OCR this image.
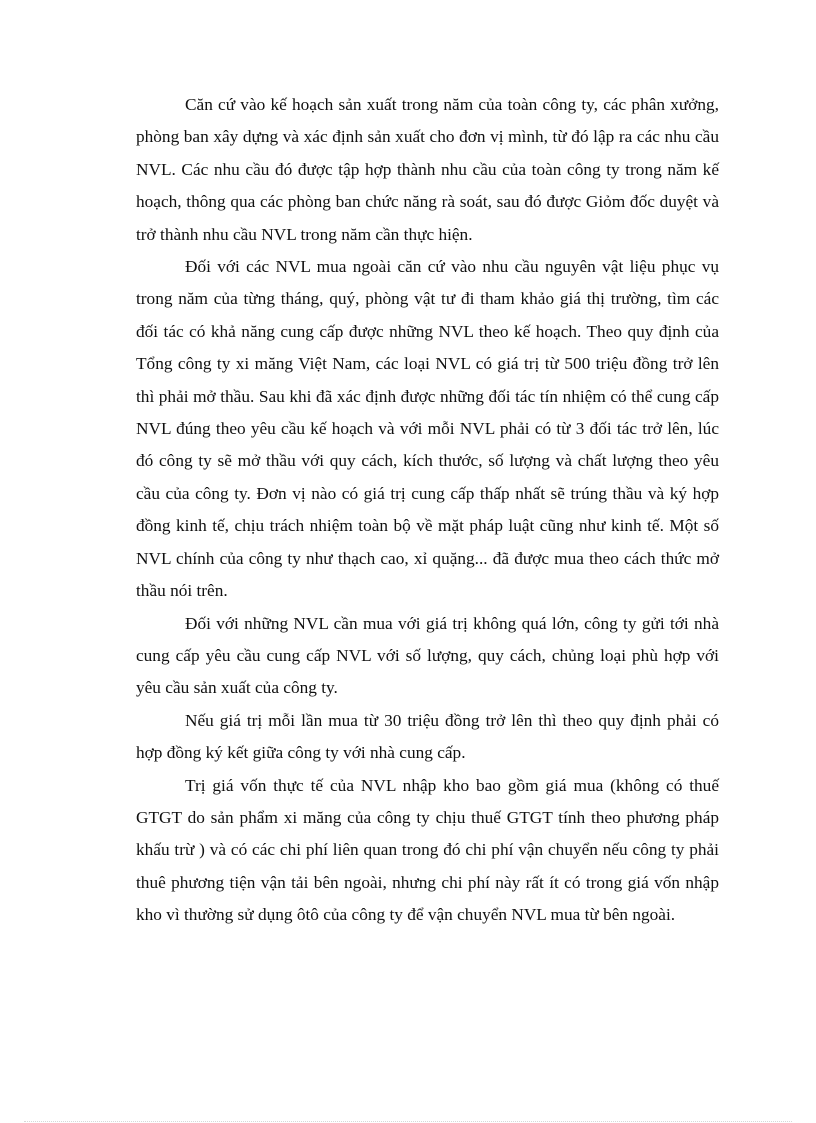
Căn cứ vào kế hoạch sản xuất trong năm của toàn công ty, các phân xưởng, phòng ban xây dựng và xác định sản xuất cho đơn vị mình, từ đó lập ra các nhu cầu NVL. Các nhu cầu đó được tập hợp thành nhu cầu của toàn công ty trong năm kế hoạch, thông qua các phòng ban chức năng rà soát, sau đó được Giỏm đốc duyệt và trở thành nhu cầu NVL trong năm cần thực hiện.

Đối với các NVL mua ngoài căn cứ vào nhu cầu nguyên vật liệu phục vụ trong năm của từng tháng, quý, phòng vật tư đi tham khảo giá thị trường, tìm các đối tác có khả năng cung cấp được những NVL theo kế hoạch. Theo quy định của Tổng công ty xi măng Việt Nam, các loại NVL có giá trị từ 500 triệu đồng trở lên thì phải mở thầu. Sau khi đã xác định được những đối tác tín nhiệm có thể cung cấp NVL đúng theo yêu cầu kế hoạch và với mỗi NVL phải có từ 3 đối tác trở lên, lúc đó công ty sẽ mở thầu với quy cách, kích thước, số lượng và chất lượng theo yêu cầu của công ty. Đơn vị nào có giá trị cung cấp thấp nhất sẽ trúng thầu và ký hợp đồng kinh tế, chịu trách nhiệm toàn bộ về mặt pháp luật cũng như kinh tế. Một số NVL chính của công ty như thạch cao, xỉ quặng... đã được mua theo cách thức mở thầu nói trên.

Đối với những NVL cần mua với giá trị không quá lớn, công ty gửi tới nhà cung cấp yêu cầu cung cấp NVL với số lượng, quy cách, chủng loại phù hợp với yêu cầu sản xuất của công ty.

Nếu giá trị mỗi lần mua từ 30 triệu đồng trở lên thì theo quy định phải có hợp đồng ký kết giữa công ty với nhà cung cấp.

Trị giá vốn thực tế của NVL nhập kho bao gồm giá mua (không có thuế GTGT do sản phẩm xi măng của công ty chịu thuế GTGT tính theo phương pháp khấu trừ ) và có các chi phí liên quan trong đó chi phí vận chuyển nếu công ty phải thuê phương tiện vận tải bên ngoài, nhưng chi phí này rất ít có trong giá vốn nhập kho vì thường sử dụng ôtô của công ty để vận chuyển NVL mua từ bên ngoài.
